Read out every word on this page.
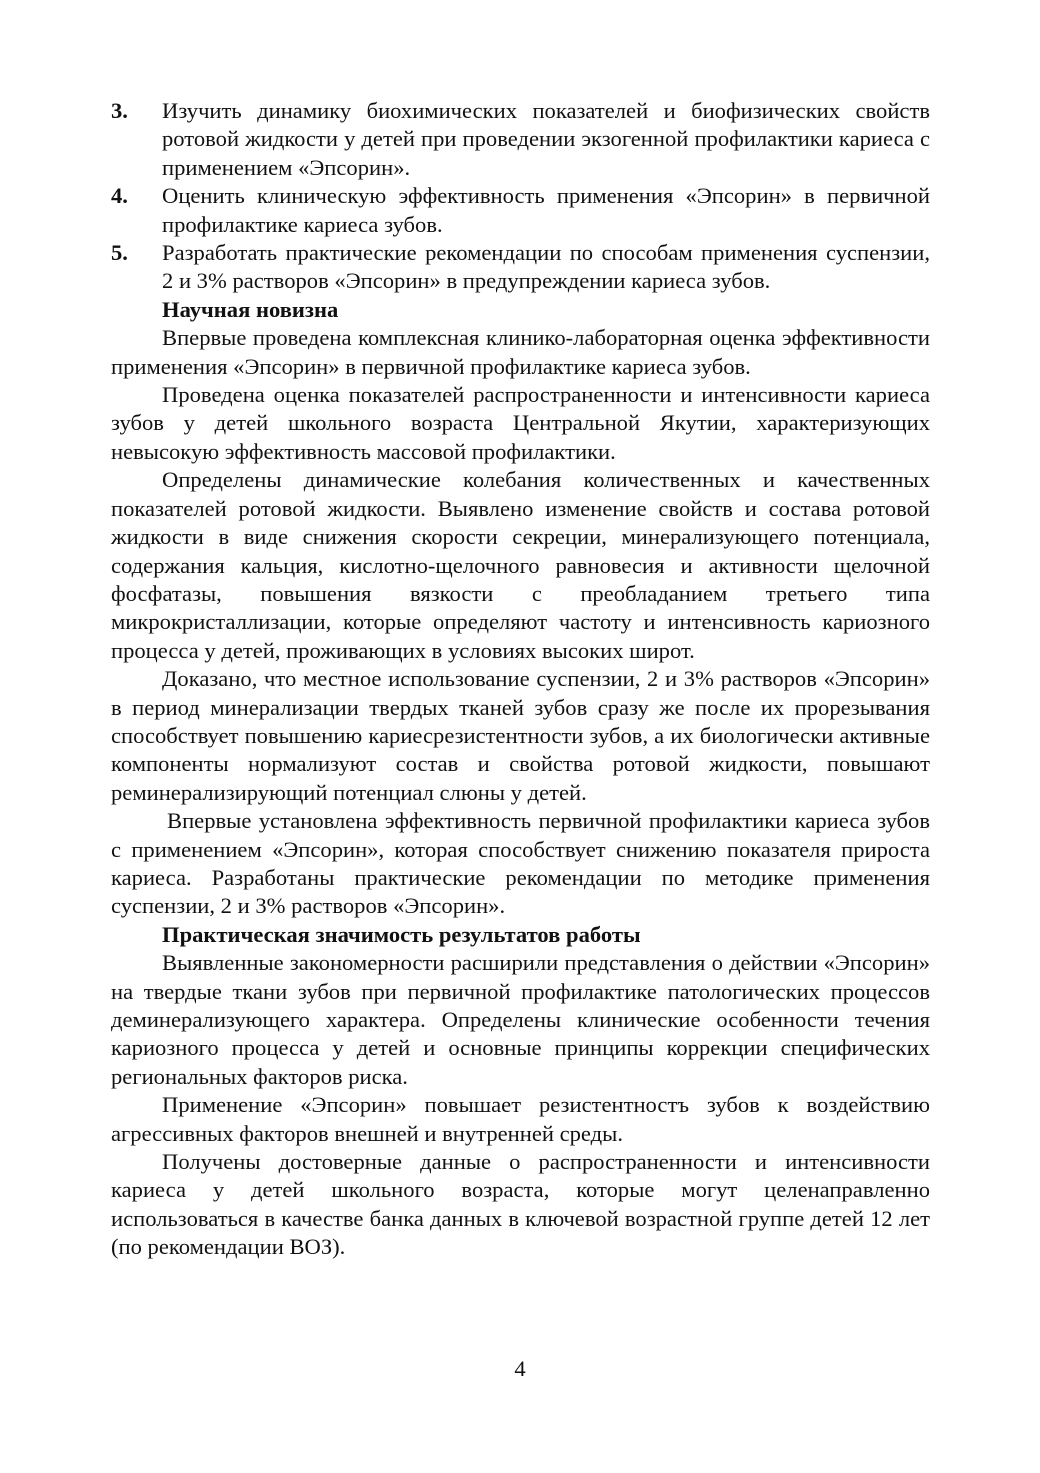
3. Изучить динамику биохимических показателей и биофизических свойств ротовой жидкости у детей при проведении экзогенной профилактики кариеса с применением «Эпсорин».
4. Оценить клиническую эффективность применения «Эпсорин» в первичной профилактике кариеса зубов.
5. Разработать практические рекомендации по способам применения суспензии, 2 и 3% растворов «Эпсорин» в предупреждении кариеса зубов.
Научная новизна
Впервые проведена комплексная клинико-лабораторная оценка эффективности применения «Эпсорин» в первичной профилактике кариеса зубов.
Проведена оценка показателей распространенности и интенсивности кариеса зубов у детей школьного возраста Центральной Якутии, характеризующих невысокую эффективность массовой профилактики.
Определены динамические колебания количественных и качественных показателей ротовой жидкости. Выявлено изменение свойств и состава ротовой жидкости в виде снижения скорости секреции, минерализующего потенциала, содержания кальция, кислотно-щелочного равновесия и активности щелочной фосфатазы, повышения вязкости с преобладанием третьего типа микрокристаллизации, которые определяют частоту и интенсивность кариозного процесса у детей, проживающих в условиях высоких широт.
Доказано, что местное использование суспензии, 2 и 3% растворов «Эпсорин» в период минерализации твердых тканей зубов сразу же после их прорезывания способствует повышению кариесрезистентности зубов, а их биологически активные компоненты нормализуют состав и свойства ротовой жидкости, повышают реминерализирующий потенциал слюны у детей.
Впервые установлена эффективность первичной профилактики кариеса зубов с применением «Эпсорин», которая способствует снижению показателя прироста кариеса. Разработаны практические рекомендации по методике применения суспензии, 2 и 3% растворов «Эпсорин».
Практическая значимость результатов работы
Выявленные закономерности расширили представления о действии «Эпсорин» на твердые ткани зубов при первичной профилактике патологических процессов деминерализующего характера. Определены клинические особенности течения кариозного процесса у детей и основные принципы коррекции специфических региональных факторов риска.
Применение «Эпсорин» повышает резистентностъ зубов к воздействию агрессивных факторов внешней и внутренней среды.
Получены достоверные данные о распространенности и интенсивности кариеса у детей школьного возраста, которые могут целенаправленно использоваться в качестве банка данных в ключевой возрастной группе детей 12 лет (по рекомендации ВОЗ).
4
